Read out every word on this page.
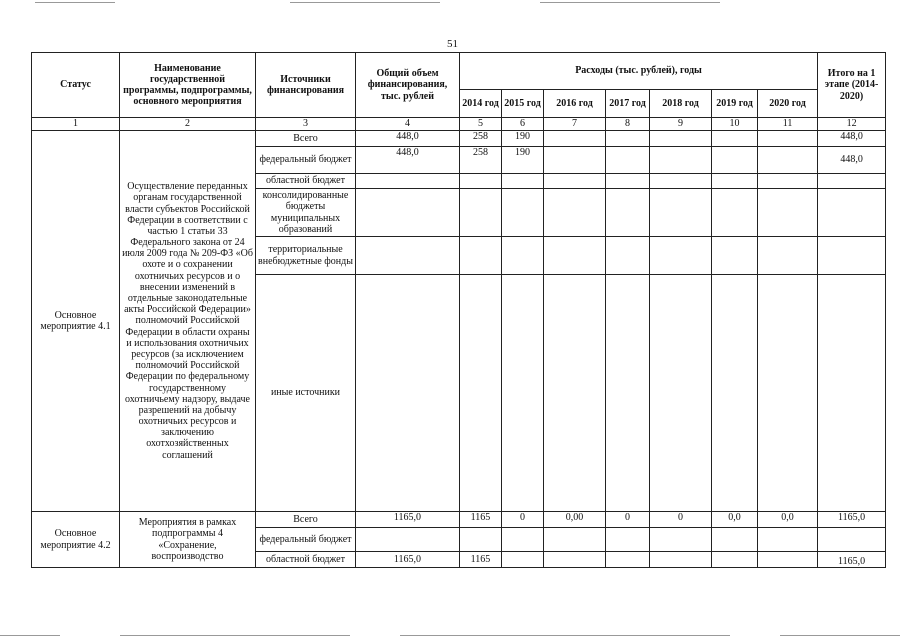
51
Статус	Наименование государственной программы, подпрограммы, основного мероприятия	Источники финансирования	Общий объем финансирования, тыс. рублей	Расходы (тыс. рублей), годы							Итого на 1 этапе (2014-2020)
				2014 год	2015 год	2016 год	2017 год	2018 год	2019 год	2020 год	
1	2	3	4	5	6	7	8	9	10	11	12
Основное мероприятие 4.1	Осуществление переданных органам государственной власти субъектов Российской Федерации в соответствии с частью 1 статьи 33 Федерального закона от 24 июля 2009 года № 209-ФЗ «Об охоте и о сохранении охотничьих ресурсов и о внесении изменений в отдельные законодательные акты Российской Федерации» полномочий Российской Федерации в области охраны и использования охотничьих ресурсов (за исключением полномочий Российской Федерации по федеральному государственному охотничьему надзору, выдаче разрешений на добычу охотничьих ресурсов и заключению охотхозяйственных соглашений	Всего	448,0	258	190						448,0
		федеральный бюджет	448,0	258	190						448,0
		областной бюджет									
		консолидированные бюджеты муниципальных образований									
		территориальные внебюджетные фонды									
		иные источники									
Основное мероприятие 4.2	Мероприятия в рамках подпрограммы 4 «Сохранение, воспроизводство	Всего	1165,0	1165	0	0,00	0	0	0,0	0,0	1165,0
		федеральный бюджет									
		областной бюджет	1165,0	1165							1165,0
